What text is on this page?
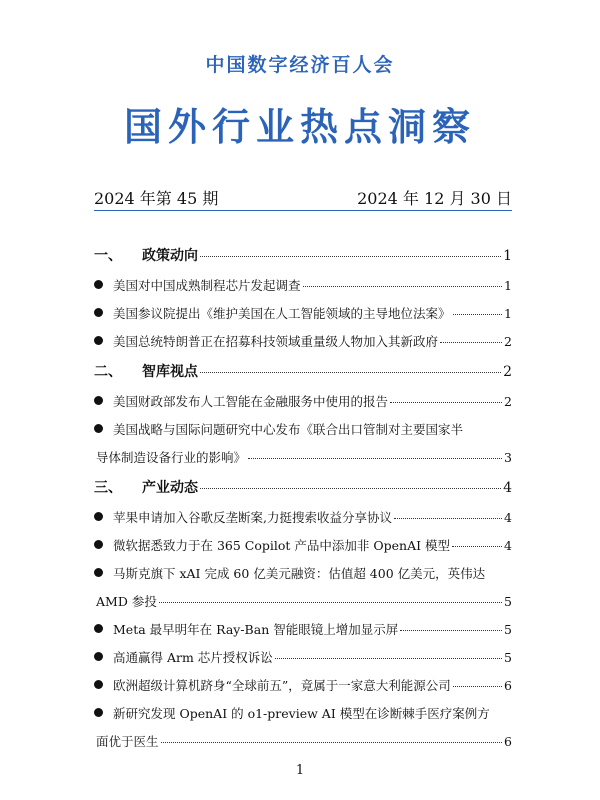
中国数字经济百人会
国外行业热点洞察
2024 年第 45 期	2024 年 12 月 30 日
一、	政策动向	1
美国对中国成熟制程芯片发起调查	1
美国参议院提出《维护美国在人工智能领域的主导地位法案》	1
美国总统特朗普正在招募科技领域重量级人物加入其新政府	2
二、	智库视点	2
美国财政部发布人工智能在金融服务中使用的报告	2
美国战略与国际问题研究中心发布《联合出口管制对主要国家半
导体制造设备行业的影响》	3
三、	产业动态	4
苹果申请加入谷歌反垄断案,力挺搜索收益分享协议	4
微软据悉致力于在 365 Copilot 产品中添加非 OpenAI 模型	4
马斯克旗下 xAI 完成 60 亿美元融资：估值超 400 亿美元，英伟达
AMD 参投	5
Meta 最早明年在 Ray-Ban 智能眼镜上增加显示屏	5
高通赢得 Arm 芯片授权诉讼	5
欧洲超级计算机跻身“全球前五”，竟属于一家意大利能源公司	6
新研究发现 OpenAI 的 o1-preview AI 模型在诊断棘手医疗案例方
面优于医生	6
1
